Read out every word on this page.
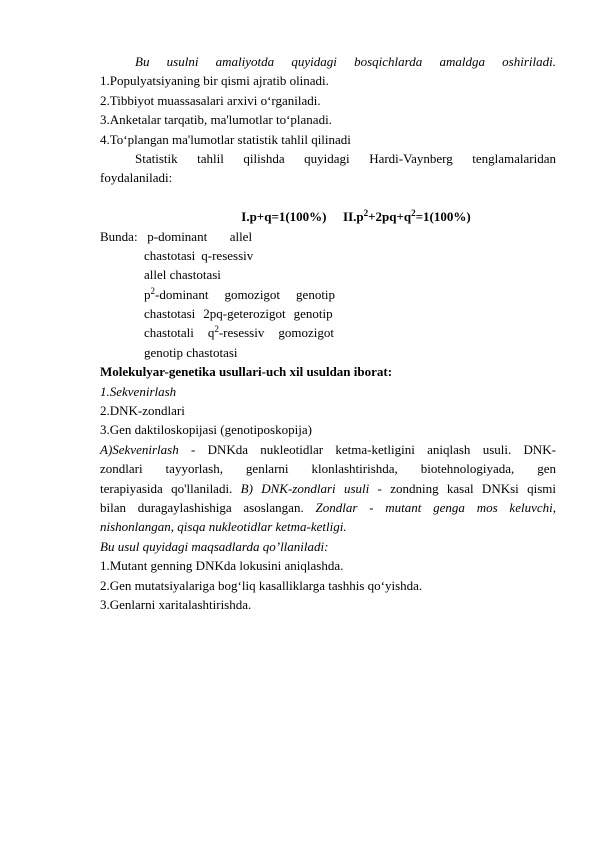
Bu usulni amaliyotda quyidagi bosqichlarda amaldga oshiriladi.
1.Populyatsiyaning bir qismi ajratib olinadi.
2.Tibbiyot muassasalari arxivi o‘rganiladi.
3.Anketalar tarqatib, ma'lumotlar to‘planadi.
4.To‘plangan ma'lumotlar statistik tahlil qilinadi
Statistik tahlil qilishda quyidagi Hardi-Vaynberg tenglamalaridan
foydalaniladi:
I.p+q=1(100%) $II.p^2+2pq+q^2=1(100\%)$
Bunda: p-dominant allel
chastotasi q-resessiv
allel chastotasi
$p^2$-dominant gomozigot genotip
chastotasi 2pq-geterozigot genotip
chastotali $q^2$-resessiv gomozigot
genotip chastotasi
Molekulyar-genetika usullari-uch xil usuldan iborat:
1.Sekvenirlash
2.DNK-zondlari
3.Gen daktiloskopijasi (genotiposkopija)
A)Sekvenirlash - DNKda nukleotidlar ketma-ketligini aniqlash usuli. DNK-
zondlari tayyorlash, genlarni klonlashtirishda, biotehnologiyada, gen
terapiyasida qo'llaniladi. B) DNK-zondlari usuli - zondning kasal DNKsi qismi
bilan duragaylashishiga asoslangan. Zondlar - mutant genga mos keluvchi,
nishonlangan, qisqa nukleotidlar ketma-ketligi.
Bu usul quyidagi maqsadlarda qo’llaniladi:
1.Mutant genning DNKda lokusini aniqlashda.
2.Gen mutatsiyalariga bog‘liq kasalliklarga tashhis qo‘yishda.
3.Genlarni xaritalashtirishda.
